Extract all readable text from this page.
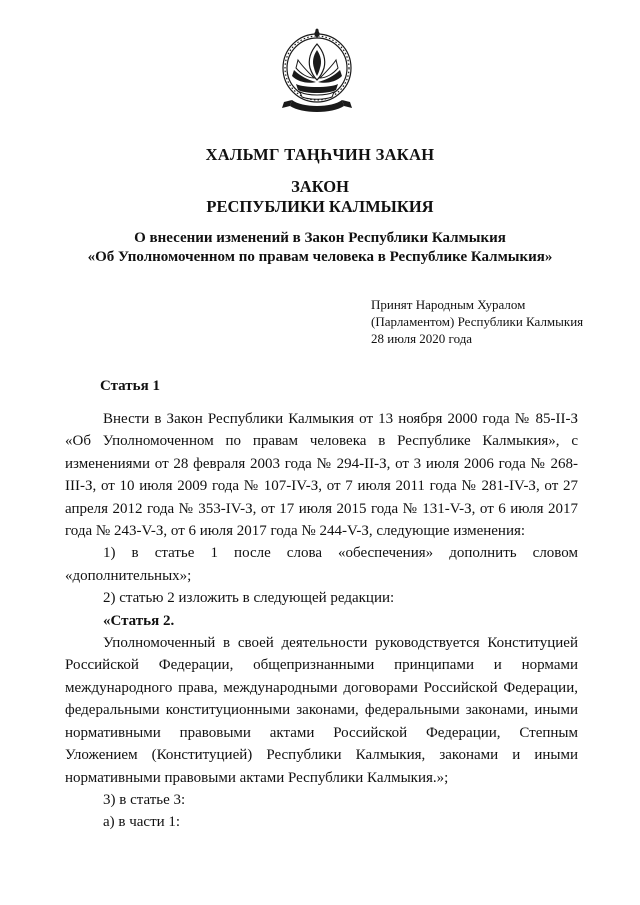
ХАЛЬМГ ТАҢҺЧИН ЗАКАН
ЗАКОН
РЕСПУБЛИКИ КАЛМЫКИЯ
О внесении изменений в Закон Республики Калмыкия
«Об Уполномоченном по правам человека в Республике Калмыкия»
Принят Народным Хуралом
(Парламентом) Республики Калмыкия
28 июля 2020 года
Статья 1

Внести в Закон Республики Калмыкия от 13 ноября 2000 года № 85-II-З «Об Уполномоченном по правам человека в Республике Калмыкия», с изменениями от 28 февраля 2003 года № 294-II-З, от 3 июля 2006 года № 268-III-З, от 10 июля 2009 года № 107-IV-З, от 7 июля 2011 года № 281-IV-З, от 27 апреля 2012 года № 353-IV-З, от 17 июля 2015 года № 131-V-З, от 6 июля 2017 года № 243-V-З, от 6 июля 2017 года № 244-V-З, следующие изменения:

1) в статье 1 после слова «обеспечения» дополнить словом «дополнительных»;

2) статью 2 изложить в следующей редакции:

«Статья 2.

Уполномоченный в своей деятельности руководствуется Конституцией Российской Федерации, общепризнанными принципами и нормами международного права, международными договорами Российской Федерации, федеральными конституционными законами, федеральными законами, иными нормативными правовыми актами Российской Федерации, Степным Уложением (Конституцией) Республики Калмыкия, законами и иными нормативными правовыми актами Республики Калмыкия.»;

3) в статье 3:

а) в части 1:
